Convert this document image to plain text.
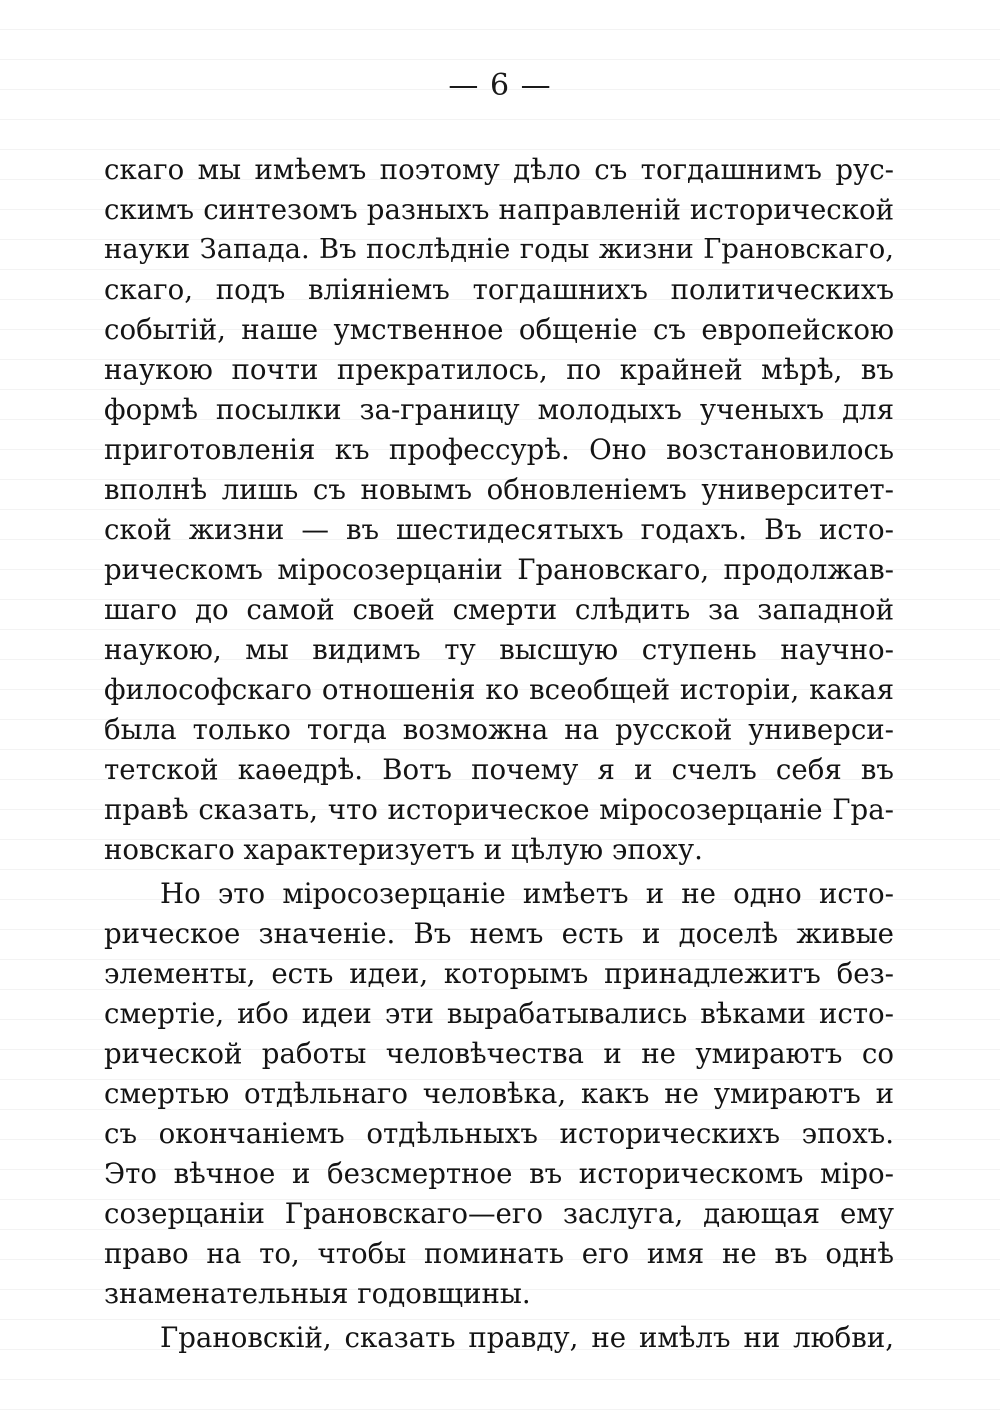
— 6 —
скаго мы имѣемъ поэтому дѣло съ тогдашнимъ рус-
скимъ синтезомъ разныхъ направленій исторической
науки Запада. Въ послѣдніе годы жизни Грановскаго,
скаго, подъ вліяніемъ тогдашнихъ политическихъ
событій, наше умственное общеніе съ европейскою
наукою почти прекратилось, по крайней мѣрѣ, въ
формѣ посылки за-границу молодыхъ ученыхъ для
приготовленія къ профессурѣ. Оно возстановилось
вполнѣ лишь съ новымъ обновленіемъ университет-
ской жизни — въ шестидесятыхъ годахъ. Въ исто-
рическомъ міросозерцаніи Грановскаго, продолжав-
шаго до самой своей смерти слѣдить за западной
наукою, мы видимъ ту высшую ступень научно-
философскаго отношенія ко всеобщей исторіи, какая
была только тогда возможна на русской универси-
тетской каѳедрѣ. Вотъ почему я и счелъ себя въ
правѣ сказать, что историческое міросозерцаніе Гра-
новскаго характеризуетъ и цѣлую эпоху.
Но это міросозерцаніе имѣетъ и не одно исто-
рическое значеніе. Въ немъ есть и доселѣ живые
элементы, есть идеи, которымъ принадлежитъ без-
смертіе, ибо идеи эти вырабатывались вѣками исто-
рической работы человѣчества и не умираютъ со
смертью отдѣльнаго человѣка, какъ не умираютъ и
съ окончаніемъ отдѣльныхъ историческихъ эпохъ.
Это вѣчное и безсмертное въ историческомъ міро-
созерцаніи Грановскаго—его заслуга, дающая ему
право на то, чтобы поминать его имя не въ однѣ
знаменательныя годовщины.
Грановскій, сказать правду, не имѣлъ ни любви,
